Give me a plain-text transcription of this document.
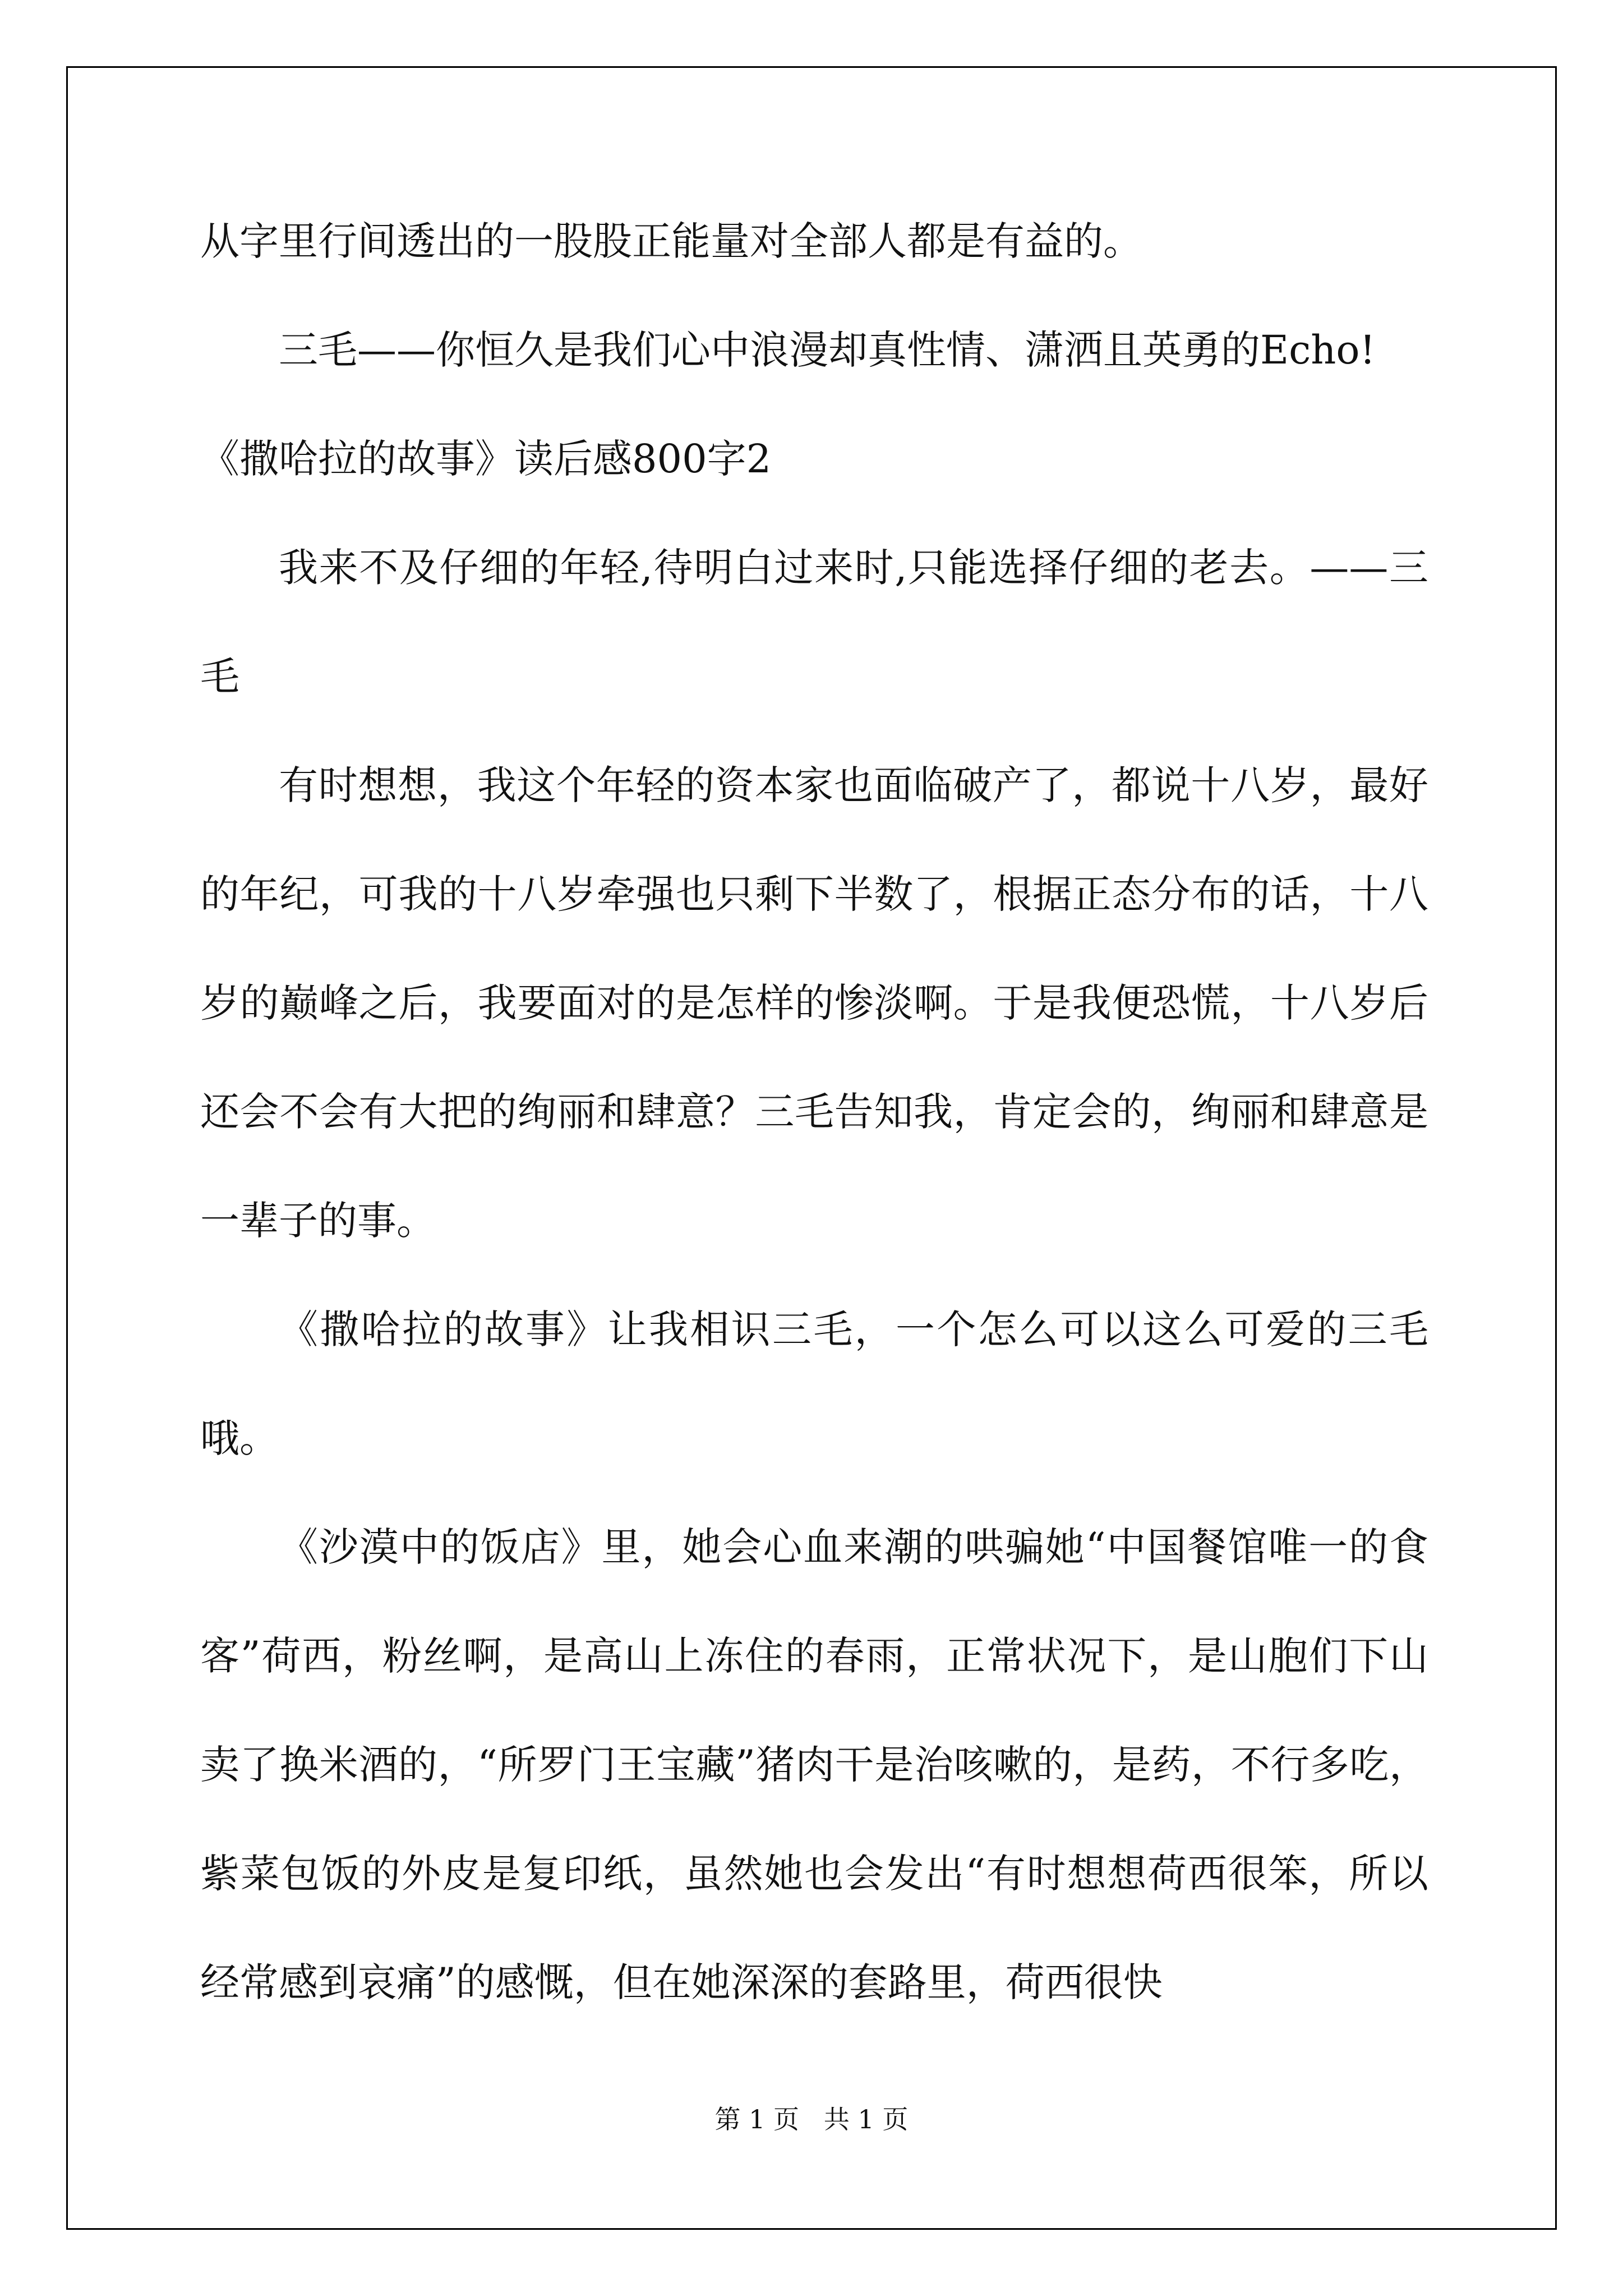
从字里行间透出的一股股正能量对全部人都是有益的。

三毛——你恒久是我们心中浪漫却真性情、潇洒且英勇的Echo!

《撒哈拉的故事》读后感800字2

我来不及仔细的年轻,待明白过来时,只能选择仔细的老去。——三毛

有时想想，我这个年轻的资本家也面临破产了，都说十八岁，最好的年纪，可我的十八岁牵强也只剩下半数了，根据正态分布的话，十八岁的巅峰之后，我要面对的是怎样的惨淡啊。于是我便恐慌，十八岁后还会不会有大把的绚丽和肆意？三毛告知我，肯定会的，绚丽和肆意是一辈子的事。

《撒哈拉的故事》让我相识三毛，一个怎么可以这么可爱的三毛哦。

《沙漠中的饭店》里，她会心血来潮的哄骗她“中国餐馆唯一的食客”荷西，粉丝啊，是高山上冻住的春雨，正常状况下，是山胞们下山卖了换米酒的，“所罗门王宝藏”猪肉干是治咳嗽的，是药，不行多吃，紫菜包饭的外皮是复印纸，虽然她也会发出“有时想想荷西很笨，所以经常感到哀痛”的感慨，但在她深深的套路里，荷西很快

第 1 页   共 1 页
